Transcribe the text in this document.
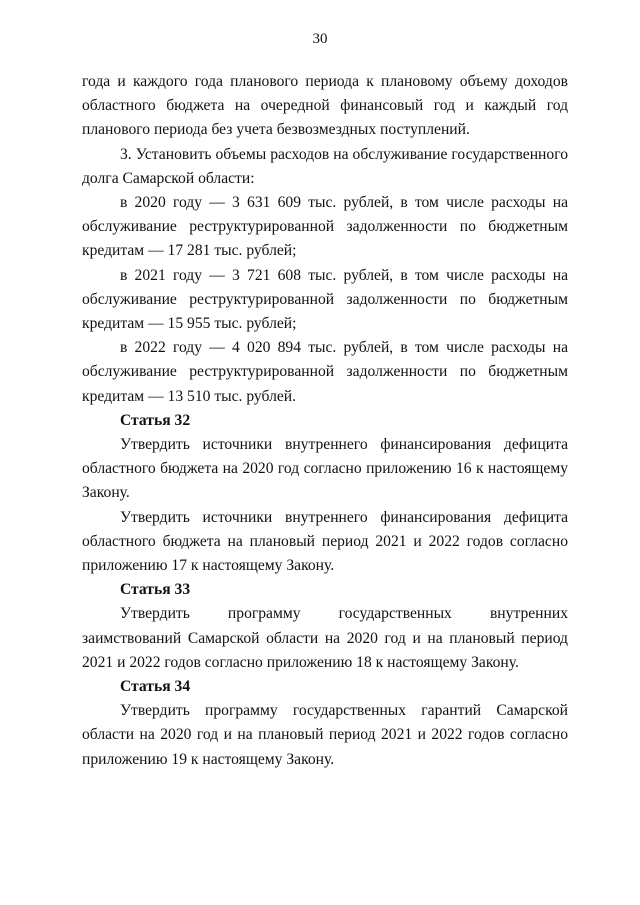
30

года и каждого года планового периода к плановому объему доходов областного бюджета на очередной финансовый год и каждый год планового периода без учета безвозмездных поступлений.

3. Установить объемы расходов на обслуживание государственного долга Самарской области:

в 2020 году — 3 631 609 тыс. рублей, в том числе расходы на обслуживание реструктурированной задолженности по бюджетным кредитам — 17 281 тыс. рублей;

в 2021 году — 3 721 608 тыс. рублей, в том числе расходы на обслуживание реструктурированной задолженности по бюджетным кредитам — 15 955 тыс. рублей;

в 2022 году — 4 020 894 тыс. рублей, в том числе расходы на обслуживание реструктурированной задолженности по бюджетным кредитам — 13 510 тыс. рублей.

Статья 32

Утвердить источники внутреннего финансирования дефицита областного бюджета на 2020 год согласно приложению 16 к настоящему Закону.

Утвердить источники внутреннего финансирования дефицита областного бюджета на плановый период 2021 и 2022 годов согласно приложению 17 к настоящему Закону.

Статья 33

Утвердить программу государственных внутренних заимствований Самарской области на 2020 год и на плановый период 2021 и 2022 годов согласно приложению 18 к настоящему Закону.

Статья 34

Утвердить программу государственных гарантий Самарской области на 2020 год и на плановый период 2021 и 2022 годов согласно приложению 19 к настоящему Закону.
